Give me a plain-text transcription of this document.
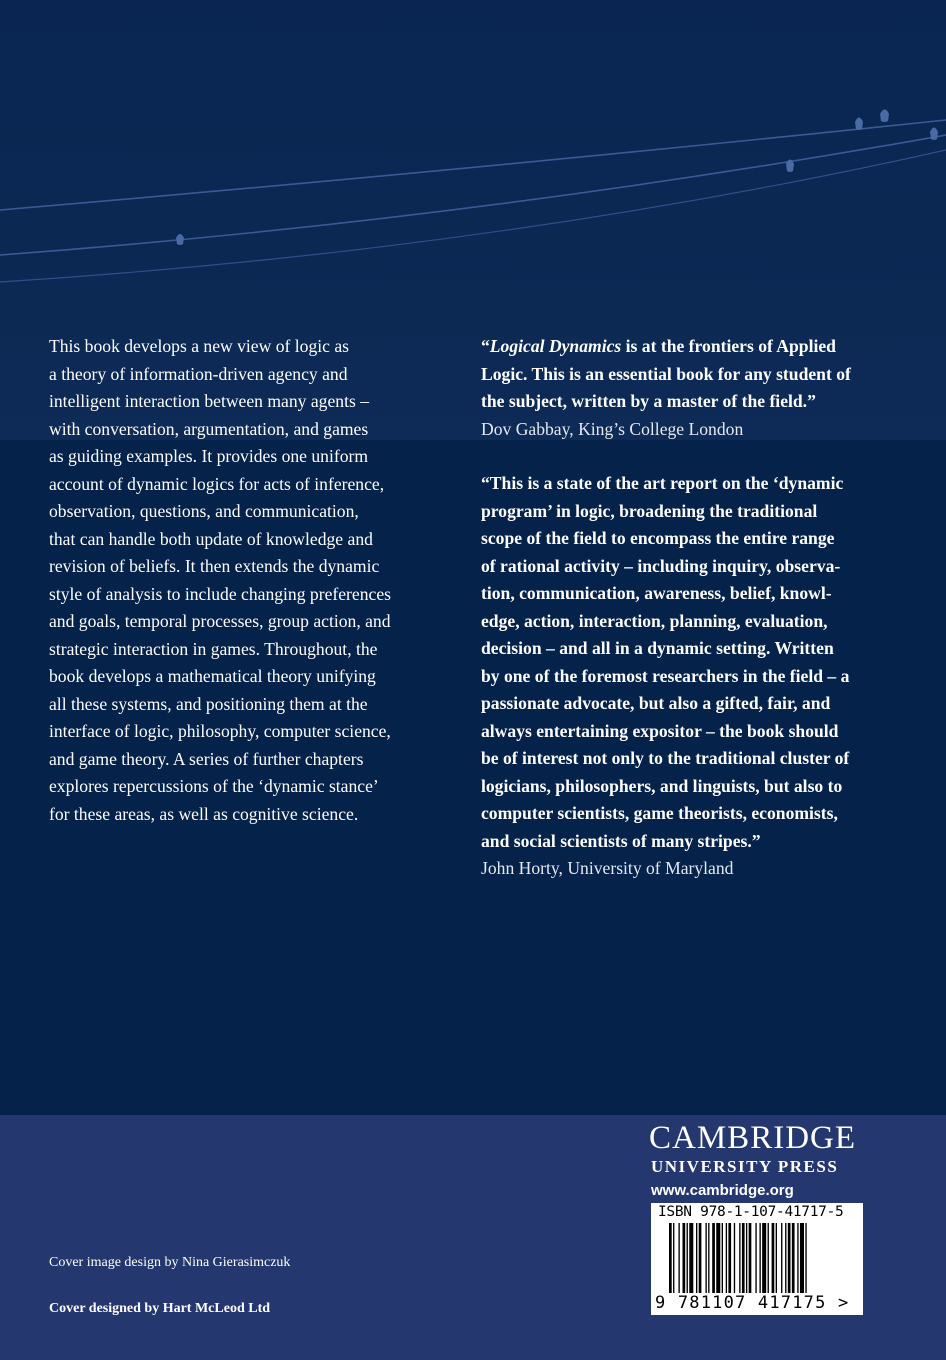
This book develops a new view of logic as
a theory of information-driven agency and
intelligent interaction between many agents –
with conversation, argumentation, and games
as guiding examples. It provides one uniform
account of dynamic logics for acts of inference,
observation, questions, and communication,
that can handle both update of knowledge and
revision of beliefs. It then extends the dynamic
style of analysis to include changing preferences
and goals, temporal processes, group action, and
strategic interaction in games. Throughout, the
book develops a mathematical theory unifying
all these systems, and positioning them at the
interface of logic, philosophy, computer science,
and game theory. A series of further chapters
explores repercussions of the ‘dynamic stance’
for these areas, as well as cognitive science.
“Logical Dynamics is at the frontiers of Applied
Logic. This is an essential book for any student of
the subject, written by a master of the field.”
Dov Gabbay, King’s College London
“This is a state of the art report on the ‘dynamic
program’ in logic, broadening the traditional
scope of the field to encompass the entire range
of rational activity – including inquiry, observa-
tion, communication, awareness, belief, knowl-
edge, action, interaction, planning, evaluation,
decision – and all in a dynamic setting. Written
by one of the foremost researchers in the field – a
passionate advocate, but also a gifted, fair, and
always entertaining expositor – the book should
be of interest not only to the traditional cluster of
logicians, philosophers, and linguists, but also to
computer scientists, game theorists, economists,
and social scientists of many stripes.”
John Horty, University of Maryland
CAMBRIDGE
UNIVERSITY PRESS
www.cambridge.org
ISBN 978-1-107-41717-5
9 781107 417175 >
Cover image design by Nina Gierasimczuk
Cover designed by Hart McLeod Ltd
